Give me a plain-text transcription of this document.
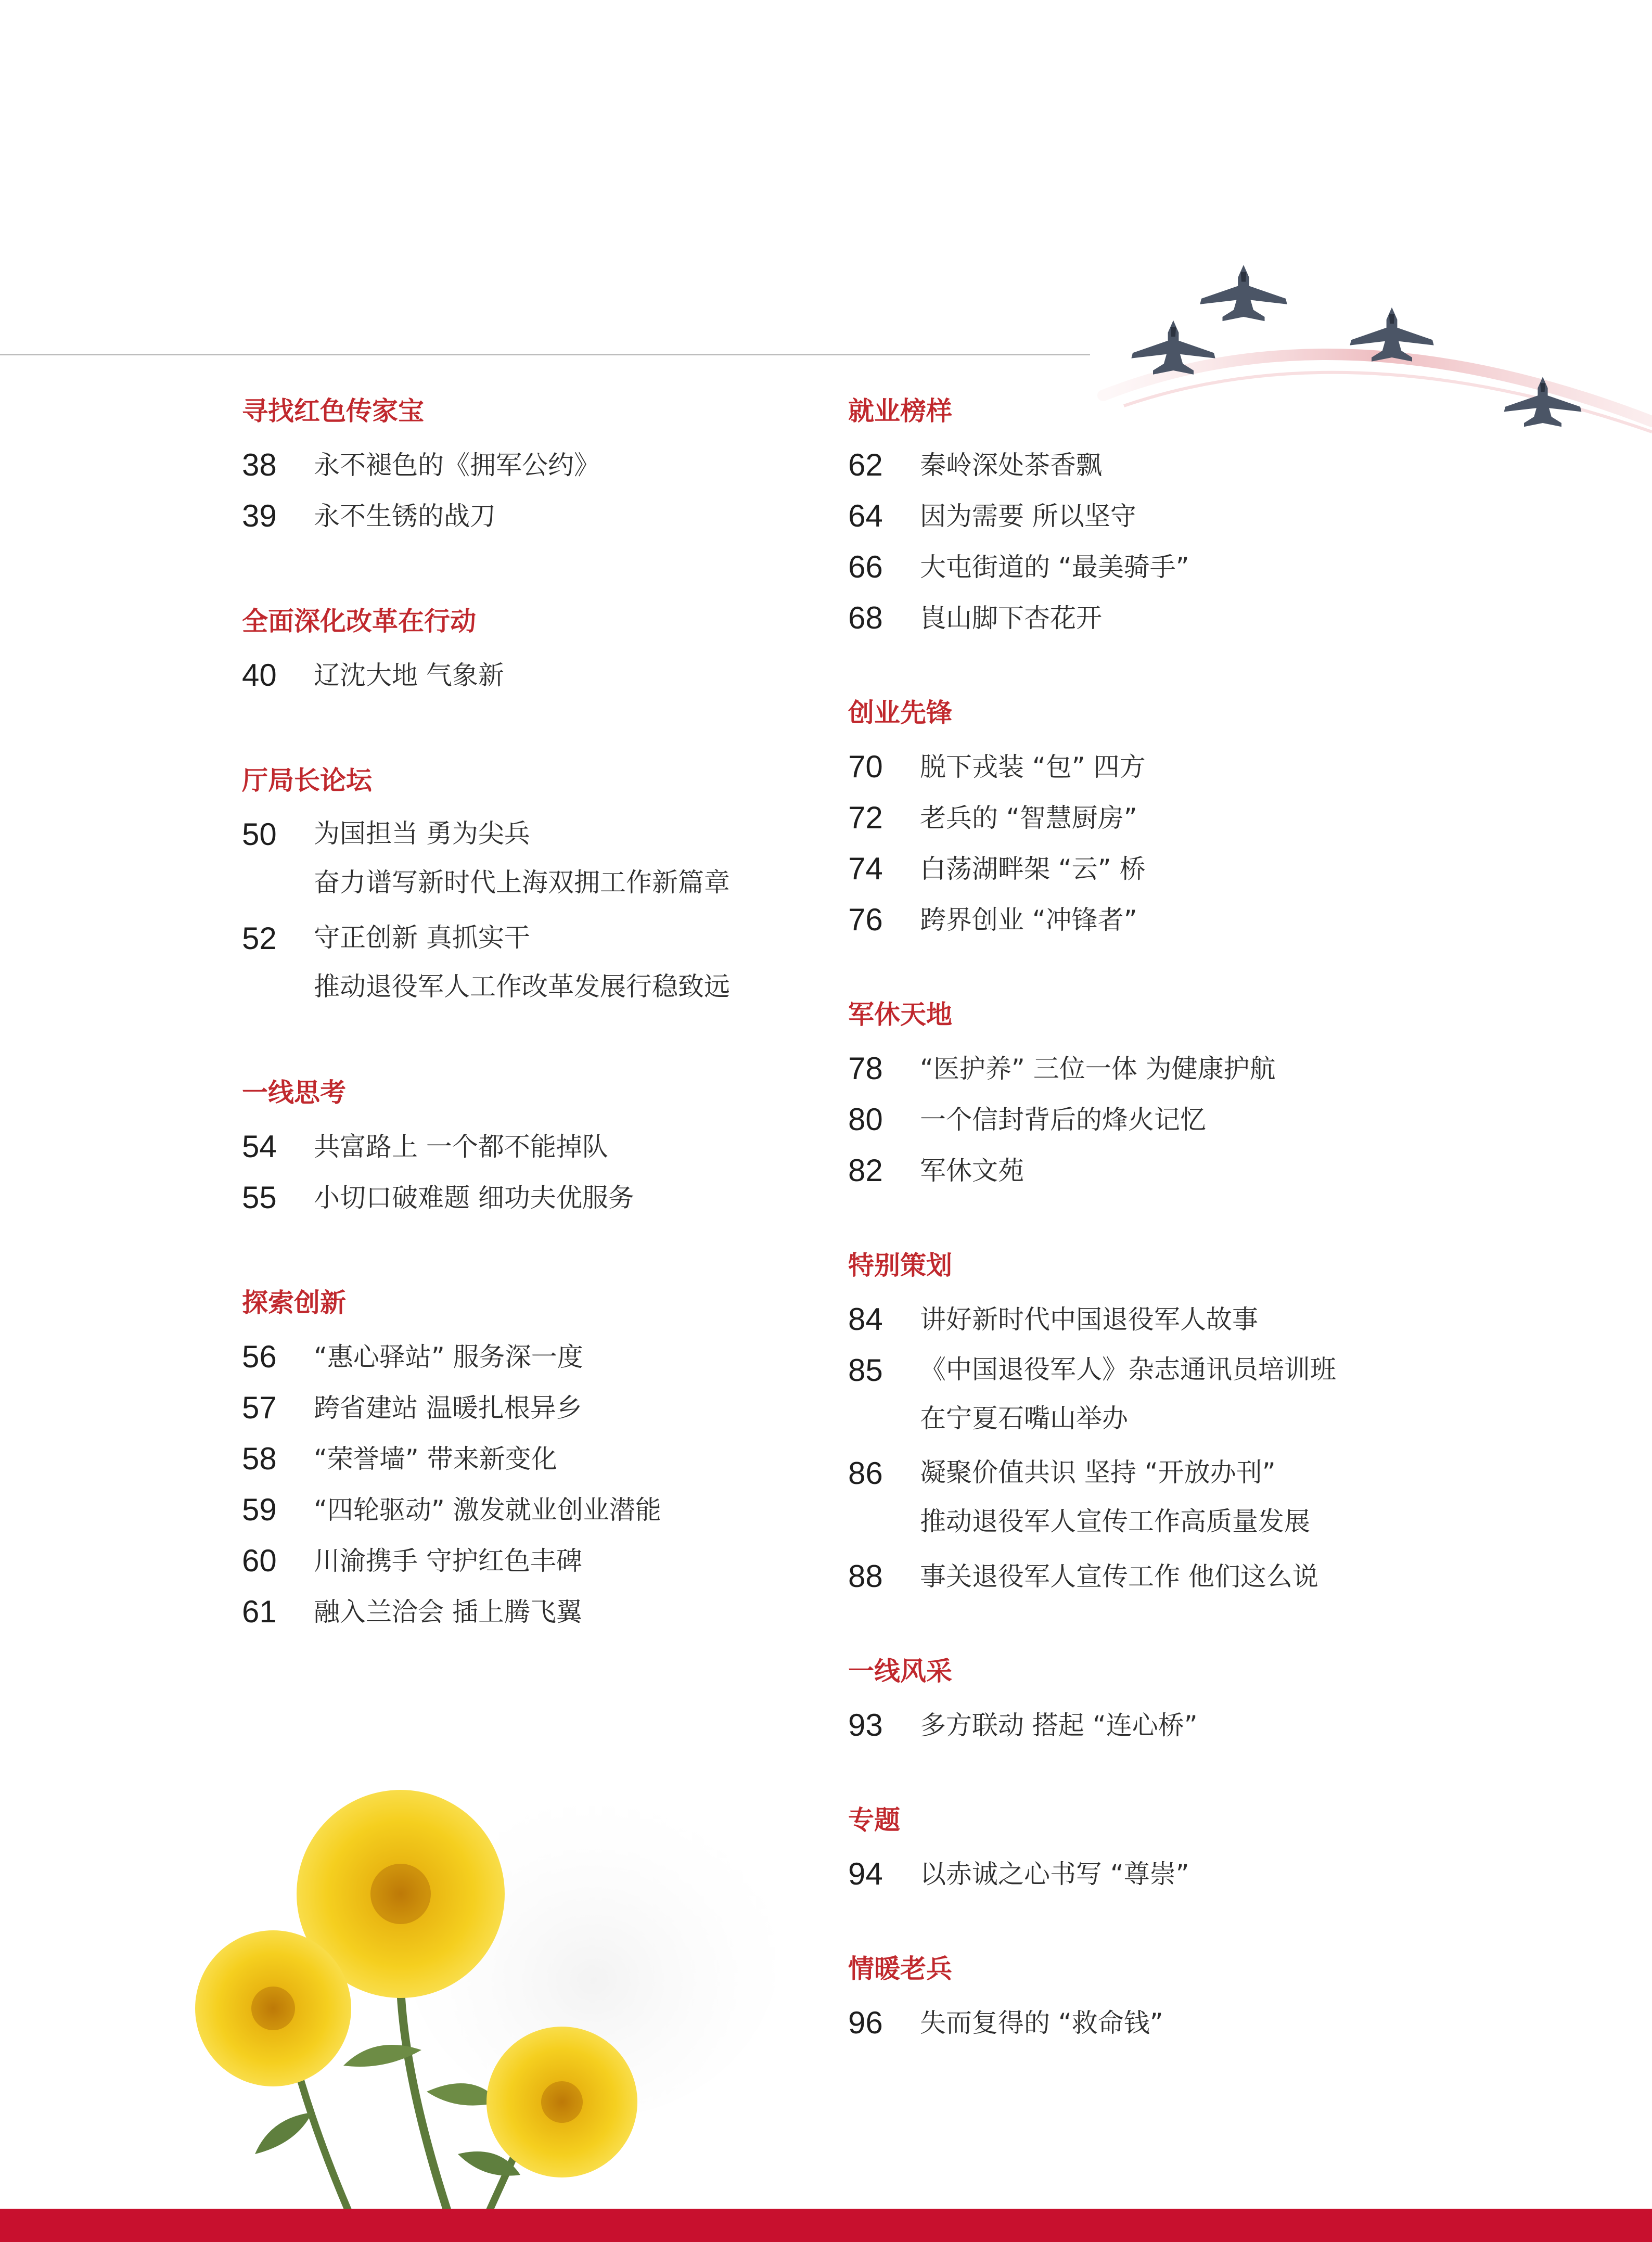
寻找红色传家宝
38	永不褪色的《拥军公约》
39	永不生锈的战刀
全面深化改革在行动
40	辽沈大地 气象新
厅局长论坛
50	为国担当 勇为尖兵
奋力谱写新时代上海双拥工作新篇章
52	守正创新 真抓实干
推动退役军人工作改革发展行稳致远
一线思考
54	共富路上 一个都不能掉队
55	小切口破难题 细功夫优服务
探索创新
56	“惠心驿站” 服务深一度
57	跨省建站 温暖扎根异乡
58	“荣誉墙” 带来新变化
59	“四轮驱动” 激发就业创业潜能
60	川渝携手 守护红色丰碑
61	融入兰洽会 插上腾飞翼
就业榜样
62	秦岭深处茶香飘
64	因为需要 所以坚守
66	大屯街道的 “最美骑手”
68	崀山脚下杏花开
创业先锋
70	脱下戎装 “包” 四方
72	老兵的 “智慧厨房”
74	白荡湖畔架 “云” 桥
76	跨界创业 “冲锋者”
军休天地
78	“医护养” 三位一体 为健康护航
80	一个信封背后的烽火记忆
82	军休文苑
特别策划
84	讲好新时代中国退役军人故事
85	《中国退役军人》杂志通讯员培训班
在宁夏石嘴山举办
86	凝聚价值共识 坚持 “开放办刊”
推动退役军人宣传工作高质量发展
88	事关退役军人宣传工作 他们这么说
一线风采
93	多方联动 搭起 “连心桥”
专题
94	以赤诚之心书写 “尊崇”
情暖老兵
96	失而复得的 “救命钱”
